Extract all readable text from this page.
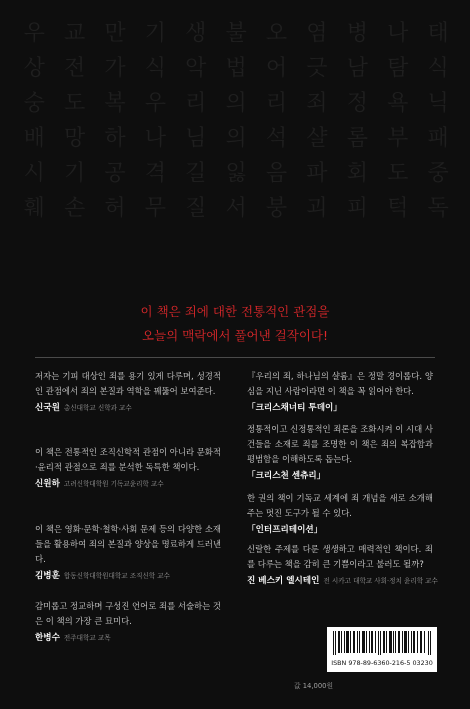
우 교 만 기 생 불 오 염 병 나 태
상 전 가 식 악 법 어 긋 남 탐 식
숭 도 복 우 리 의 리 죄 정 욕 닉
배 망 하 나 님 의 석 샬 롬 부 패
시 기 공 격 길 잃 음 파 회 도 중
훼 손 허 무 질 서 붕 괴 피 턱 독
이 책은 죄에 대한 전통적인 관점을
오늘의 맥락에서 풀어낸 걸작이다!

저자는 기피 대상인 죄를 용기 있게 다루며, 성경적인 관점에서 죄의 본질과 역학을 꿰뚫어 보여준다.

신국원 총신대학교 신학과 교수

이 책은 전통적인 조직신학적 관점이 아니라 문화적·윤리적 관점으로 죄를 분석한 독특한 책이다.

신원하 고려신학대학원 기독교윤리학 교수

이 책은 영화·문학·철학·사회 문제 등의 다양한 소재들을 활용하여 죄의 본질과 양상을 명료하게 드러낸다.

김병훈 합동신학대학원대학교 조직신학 교수

감미롭고 정교하며 구성진 언어로 죄를 서술하는 것은 이 책의 가장 큰 묘미다.

한병수 전주대학교 교목

『우리의 죄, 하나님의 샬롬』은 정말 경이롭다. 양심을 지닌 사람이라면 이 책을 꼭 읽어야 한다.

「크리스채너티 투데이」

정통적이고 신정통적인 죄론을 조화시켜 이 시대 사건들을 소재로 죄를 조명한 이 책은 죄의 복잡함과 평범함을 이해하도록 돕는다.

「크리스천 센츄리」

한 권의 책이 기독교 세계에 죄 개념을 새로 소개해 주는 멋진 도구가 될 수 있다.

「인터프리테이션」

신랄한 주제를 다룬 생생하고 매력적인 책이다. 죄를 다루는 책을 감히 큰 기쁨이라고 불러도 될까?

진 베스키 엘시테인 전 시카고 대학교 사회·정치 윤리학 교수
ISBN 978-89-6360-216-5 03230
값 14,000원
